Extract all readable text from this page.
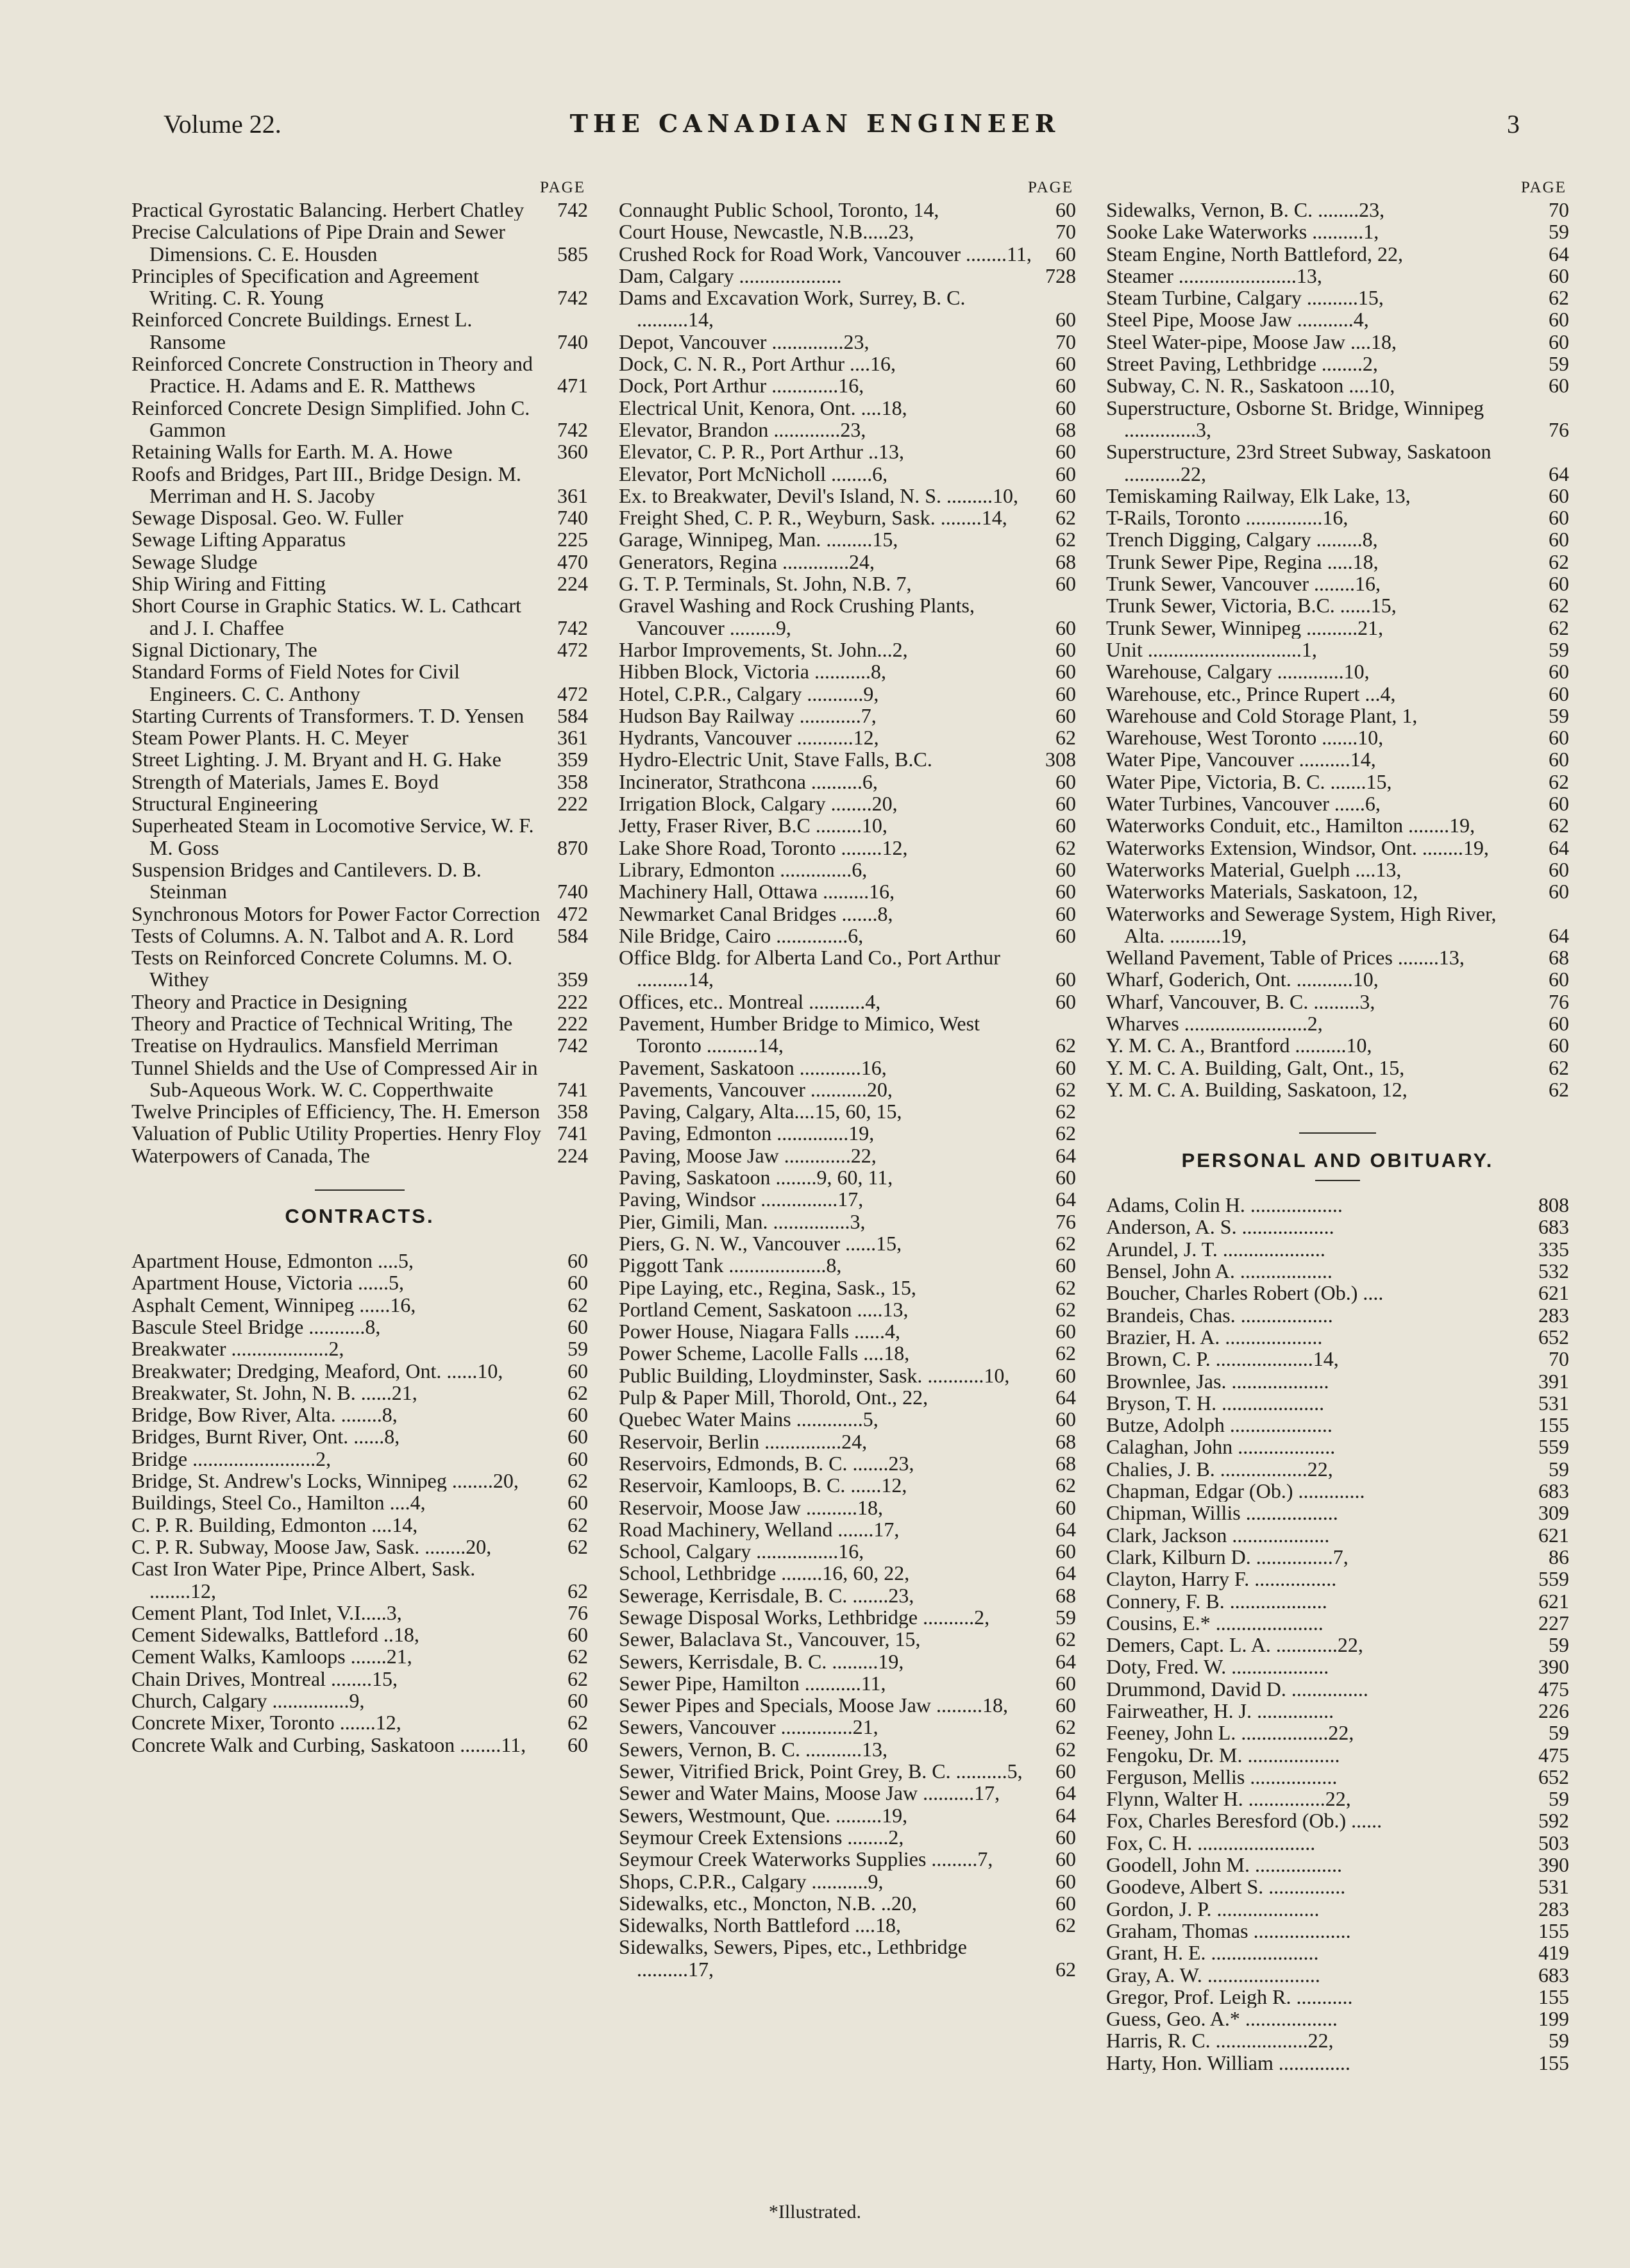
Volume 22.	THE CANADIAN ENGINEER	3
PAGE
Practical Gyrostatic Balancing. Herbert Chatley	742
Precise Calculations of Pipe Drain and Sewer Dimensions. C. E. Housden	585
Principles of Specification and Agreement Writing. C. R. Young	742
Reinforced Concrete Buildings. Ernest L. Ransome	740
Reinforced Concrete Construction in Theory and Practice. H. Adams and E. R. Matthews	471
Reinforced Concrete Design Simplified. John C. Gammon	742
Retaining Walls for Earth. M. A. Howe	360
Roofs and Bridges, Part III., Bridge Design. M. Merriman and H. S. Jacoby	361
Sewage Disposal. Geo. W. Fuller	740
Sewage Lifting Apparatus	225
Sewage Sludge	470
Ship Wiring and Fitting	224
Short Course in Graphic Statics. W. L. Cathcart and J. I. Chaffee	742
Signal Dictionary, The	472
Standard Forms of Field Notes for Civil Engineers. C. C. Anthony	472
Starting Currents of Transformers. T. D. Yensen	584
Steam Power Plants. H. C. Meyer	361
Street Lighting. J. M. Bryant and H. G. Hake	359
Strength of Materials, James E. Boyd	358
Structural Engineering	222
Superheated Steam in Locomotive Service, W. F. M. Goss	870
Suspension Bridges and Cantilevers. D. B. Steinman	740
Synchronous Motors for Power Factor Correction 472
Tests of Columns. A. N. Talbot and A. R. Lord	584
Tests on Reinforced Concrete Columns. M. O. Withey	359
Theory and Practice in Designing	222
Theory and Practice of Technical Writing, The	222
Treatise on Hydraulics. Mansfield Merriman	742
Tunnel Shields and the Use of Compressed Air in Sub-Aqueous Work. W. C. Copperthwaite	741
Twelve Principles of Efficiency, The. H. Emerson 358
Valuation of Public Utility Properties. Henry Floy 741
Waterpowers of Canada, The	224
CONTRACTS.
Apartment House, Edmonton ....5,	60
Apartment House, Victoria ......5,	60
Asphalt Cement, Winnipeg ......16,	62
Bascule Steel Bridge ...........8,	60
Breakwater ...................2,	59
Breakwater; Dredging, Meaford, Ont. ......10,	60
Breakwater, St. John, N. B. ......21,	62
Bridge, Bow River, Alta. ........8,	60
Bridges, Burnt River, Ont. ......8,	60
Bridge ........................2,	60
Bridge, St. Andrew's Locks, Winnipeg ........20,	62
Buildings, Steel Co., Hamilton ....4,	60
C. P. R. Building, Edmonton ....14,	62
C. P. R. Subway, Moose Jaw, Sask. ........20,	62
Cast Iron Water Pipe, Prince Albert, Sask. ........12,	62
Cement Plant, Tod Inlet, V.I.....3,	76
Cement Sidewalks, Battleford ..18,	60
Cement Walks, Kamloops .......21,	62
Chain Drives, Montreal ........15,	62
Church, Calgary ...............9,	60
Concrete Mixer, Toronto .......12,	62
Concrete Walk and Curbing, Saskatoon ........11,	60
PAGE
Connaught Public School, Toronto, 14,	60
Court House, Newcastle, N.B.....23,	70
Crushed Rock for Road Work, Vancouver ........11,	60
Dam, Calgary ....................	728
Dams and Excavation Work, Surrey, B. C. ..........14,	60
Depot, Vancouver ..............23,	70
Dock, C. N. R., Port Arthur ....16,	60
Dock, Port Arthur .............16,	60
Electrical Unit, Kenora, Ont. ....18,	60
Elevator, Brandon .............23,	68
Elevator, C. P. R., Port Arthur ..13,	60
Elevator, Port McNicholl ........6,	60
Ex. to Breakwater, Devil's Island, N. S. .........10,	60
Freight Shed, C. P. R., Weyburn, Sask. ........14,	62
Garage, Winnipeg, Man. .........15,	62
Generators, Regina .............24,	68
G. T. P. Terminals, St. John, N.B. 7,	60
Gravel Washing and Rock Crushing Plants, Vancouver .........9,	60
Harbor Improvements, St. John...2,	60
Hibben Block, Victoria ...........8,	60
Hotel, C.P.R., Calgary ...........9,	60
Hudson Bay Railway ............7,	60
Hydrants, Vancouver ...........12,	62
Hydro-Electric Unit, Stave Falls, B.C.	308
Incinerator, Strathcona ..........6,	60
Irrigation Block, Calgary ........20,	60
Jetty, Fraser River, B.C .........10,	60
Lake Shore Road, Toronto ........12,	62
Library, Edmonton ..............6,	60
Machinery Hall, Ottawa .........16,	60
Newmarket Canal Bridges .......8,	60
Nile Bridge, Cairo ..............6,	60
Office Bldg. for Alberta Land Co., Port Arthur ..........14,	60
Offices, etc.. Montreal ...........4,	60
Pavement, Humber Bridge to Mimico, West Toronto ..........14,	62
Pavement, Saskatoon ............16,	60
Pavements, Vancouver ...........20,	62
Paving, Calgary, Alta....15, 60, 15,	62
Paving, Edmonton ..............19,	62
Paving, Moose Jaw .............22,	64
Paving, Saskatoon ........9, 60, 11,	60
Paving, Windsor ...............17,	64
Pier, Gimili, Man. ...............3,	76
Piers, G. N. W., Vancouver ......15,	62
Piggott Tank ...................8,	60
Pipe Laying, etc., Regina, Sask., 15,	62
Portland Cement, Saskatoon .....13,	62
Power House, Niagara Falls ......4,	60
Power Scheme, Lacolle Falls ....18,	62
Public Building, Lloydminster, Sask. ...........10,	60
Pulp & Paper Mill, Thorold, Ont., 22,	64
Quebec Water Mains .............5,	60
Reservoir, Berlin ...............24,	68
Reservoirs, Edmonds, B. C. .......23,	68
Reservoir, Kamloops, B. C. ......12,	62
Reservoir, Moose Jaw ..........18,	60
Road Machinery, Welland .......17,	64
School, Calgary ................16,	60
School, Lethbridge ........16, 60, 22,	64
Sewerage, Kerrisdale, B. C. .......23,	68
Sewage Disposal Works, Lethbridge ..........2,	59
Sewer, Balaclava St., Vancouver, 15,	62
Sewers, Kerrisdale, B. C. .........19,	64
Sewer Pipe, Hamilton ...........11,	60
Sewer Pipes and Specials, Moose Jaw .........18,	60
Sewers, Vancouver ..............21,	62
Sewers, Vernon, B. C. ...........13,	62
Sewer, Vitrified Brick, Point Grey, B. C. ..........5,	60
Sewer and Water Mains, Moose Jaw ..........17,	64
Sewers, Westmount, Que. .........19,	64
Seymour Creek Extensions ........2,	60
Seymour Creek Waterworks Supplies .........7,	60
Shops, C.P.R., Calgary ...........9,	60
Sidewalks, etc., Moncton, N.B. ..20,	60
Sidewalks, North Battleford ....18,	62
Sidewalks, Sewers, Pipes, etc., Lethbridge ..........17,	62
PAGE
Sidewalks, Vernon, B. C. ........23,	70
Sooke Lake Waterworks ..........1,	59
Steam Engine, North Battleford, 22,	64
Steamer .......................13,	60
Steam Turbine, Calgary ..........15,	62
Steel Pipe, Moose Jaw ...........4,	60
Steel Water-pipe, Moose Jaw ....18,	60
Street Paving, Lethbridge ........2,	59
Subway, C. N. R., Saskatoon ....10,	60
Superstructure, Osborne St. Bridge, Winnipeg ..............3,	76
Superstructure, 23rd Street Subway, Saskatoon ...........22,	64
Temiskaming Railway, Elk Lake, 13,	60
T-Rails, Toronto ...............16,	60
Trench Digging, Calgary .........8,	60
Trunk Sewer Pipe, Regina .....18,	62
Trunk Sewer, Vancouver ........16,	60
Trunk Sewer, Victoria, B.C. ......15,	62
Trunk Sewer, Winnipeg ..........21,	62
Unit ..............................1,	59
Warehouse, Calgary .............10,	60
Warehouse, etc., Prince Rupert ...4,	60
Warehouse and Cold Storage Plant, 1,	59
Warehouse, West Toronto .......10,	60
Water Pipe, Vancouver ..........14,	60
Water Pipe, Victoria, B. C. .......15,	62
Water Turbines, Vancouver ......6,	60
Waterworks Conduit, etc., Hamilton ........19,	62
Waterworks Extension, Windsor, Ont. ........19,	64
Waterworks Material, Guelph ....13,	60
Waterworks Materials, Saskatoon, 12,	60
Waterworks and Sewerage System, High River, Alta. ..........19,	64
Welland Pavement, Table of Prices ........13,	68
Wharf, Goderich, Ont. ...........10,	60
Wharf, Vancouver, B. C. .........3,	76
Wharves ........................2,	60
Y. M. C. A., Brantford ..........10,	60
Y. M. C. A. Building, Galt, Ont., 15,	62
Y. M. C. A. Building, Saskatoon, 12,	62
PERSONAL AND OBITUARY.
Adams, Colin H. ..................	808
Anderson, A. S. ..................	683
Arundel, J. T. ....................	335
Bensel, John A. ..................	532
Boucher, Charles Robert (Ob.) ....	621
Brandeis, Chas. ..................	283
Brazier, H. A. ...................	652
Brown, C. P. ...................14,	70
Brownlee, Jas. ...................	391
Bryson, T. H. ....................	531
Butze, Adolph ....................	155
Calaghan, John ...................	559
Chalies, J. B. .................22,	59
Chapman, Edgar (Ob.) .............	683
Chipman, Willis ..................	309
Clark, Jackson ...................	621
Clark, Kilburn D. ...............7,	86
Clayton, Harry F. ................	559
Connery, F. B. ...................	621
Cousins, E.* .....................	227
Demers, Capt. L. A. ............22,	59
Doty, Fred. W. ...................	390
Drummond, David D. ...............	475
Fairweather, H. J. ...............	226
Feeney, John L. .................22,	59
Fengoku, Dr. M. ..................	475
Ferguson, Mellis .................	652
Flynn, Walter H. ...............22,	59
Fox, Charles Beresford (Ob.) ......	592
Fox, C. H. .......................	503
Goodell, John M. .................	390
Goodeve, Albert S. ...............	531
Gordon, J. P. ....................	283
Graham, Thomas ...................	155
Grant, H. E. .....................	419
Gray, A. W. ......................	683
Gregor, Prof. Leigh R. ...........	155
Guess, Geo. A.* ..................	199
Harris, R. C. ..................22,	59
Harty, Hon. William ..............	155
*Illustrated.
